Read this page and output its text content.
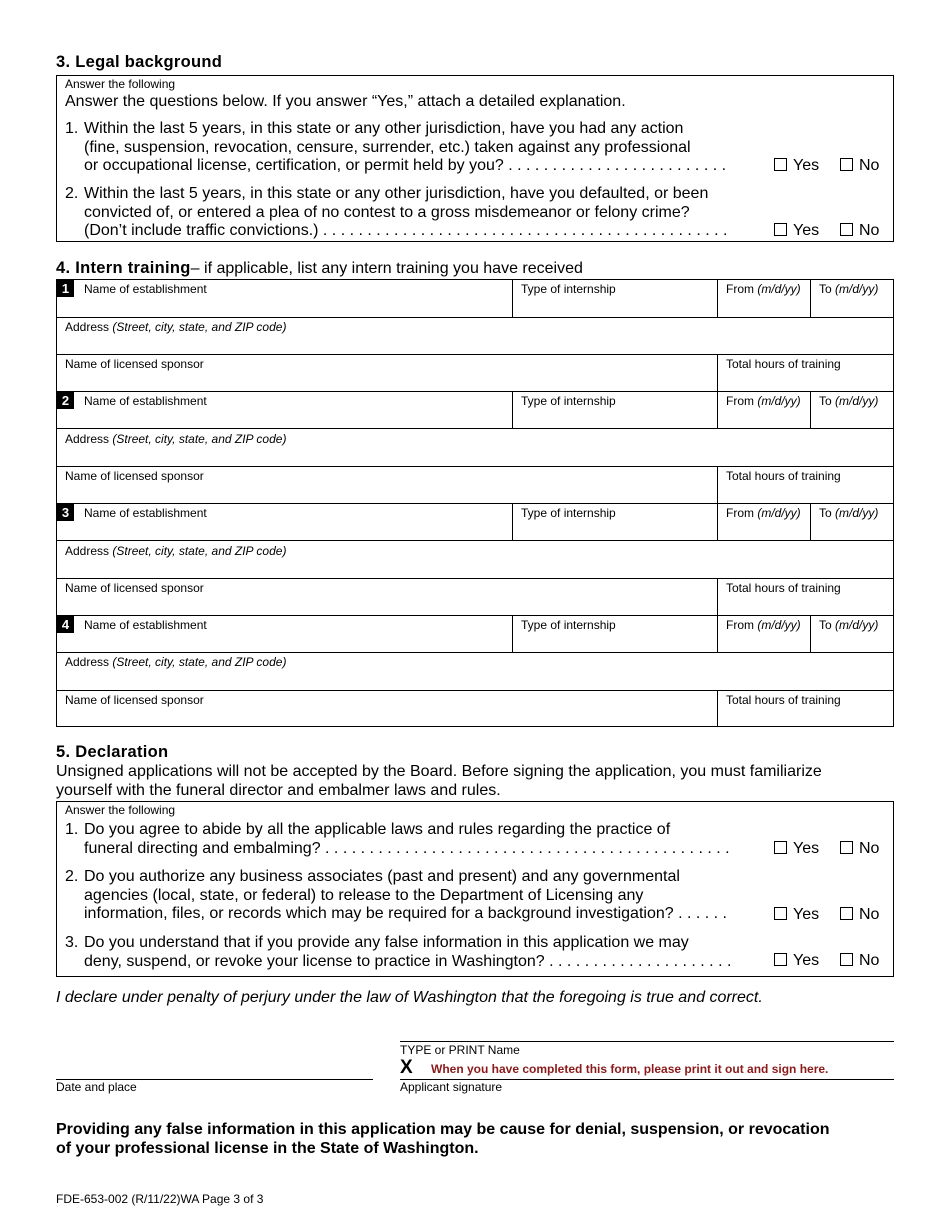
3. Legal background
Answer the following
Answer the questions below. If you answer “Yes,” attach a detailed explanation.
1. Within the last 5 years, in this state or any other jurisdiction, have you had any action
(fine, suspension, revocation, censure, surrender, etc.) taken against any professional
or occupational license, certification, or permit held by you? . . . . . . . . . . . . . . . . . . . . . . . . .	Yes	No
2. Within the last 5 years, in this state or any other jurisdiction, have you defaulted, or been
convicted of, or entered a plea of no contest to a gross misdemeanor or felony crime?
(Don’t include traffic convictions.) . . . . . . . . . . . . . . . . . . . . . . . . . . . . . . . . . . . . . . . . . . . . . .	Yes	No
4. Intern training– if applicable, list any intern training you have received
1	Name of establishment	Type of internship	From (m/d/yy) To (m/d/yy)
Address (Street, city, state, and ZIP code)
Name of licensed sponsor	Total hours of training
2	Name of establishment	Type of internship	From (m/d/yy) To (m/d/yy)
Address (Street, city, state, and ZIP code)
Name of licensed sponsor	Total hours of training
3	Name of establishment	Type of internship	From (m/d/yy) To (m/d/yy)
Address (Street, city, state, and ZIP code)
Name of licensed sponsor	Total hours of training
4	Name of establishment	Type of internship	From (m/d/yy) To (m/d/yy)
Address (Street, city, state, and ZIP code)
Name of licensed sponsor	Total hours of training
5. Declaration
Unsigned applications will not be accepted by the Board. Before signing the application, you must familiarize
yourself with the funeral director and embalmer laws and rules.
Answer the following
1. Do you agree to abide by all the applicable laws and rules regarding the practice of
funeral directing and embalming? . . . . . . . . . . . . . . . . . . . . . . . . . . . . . . . . . . . . . . . . . . . . . .	Yes	No
2. Do you authorize any business associates (past and present) and any governmental
agencies (local, state, or federal) to release to the Department of Licensing any
information, files, or records which may be required for a background investigation? . . . . . .	Yes	No
3. Do you understand that if you provide any false information in this application we may
deny, suspend, or revoke your license to practice in Washington? . . . . . . . . . . . . . . . . . . . . .	Yes	No
I declare under penalty of perjury under the law of Washington that the foregoing is true and correct.
TYPE or PRINT Name
X When you have completed this form, please print it out and sign here.
Date and place	Applicant signature
Providing any false information in this application may be cause for denial, suspension, or revocation
of your professional license in the State of Washington.
FDE-653-002 (R/11/22)WA Page 3 of 3
